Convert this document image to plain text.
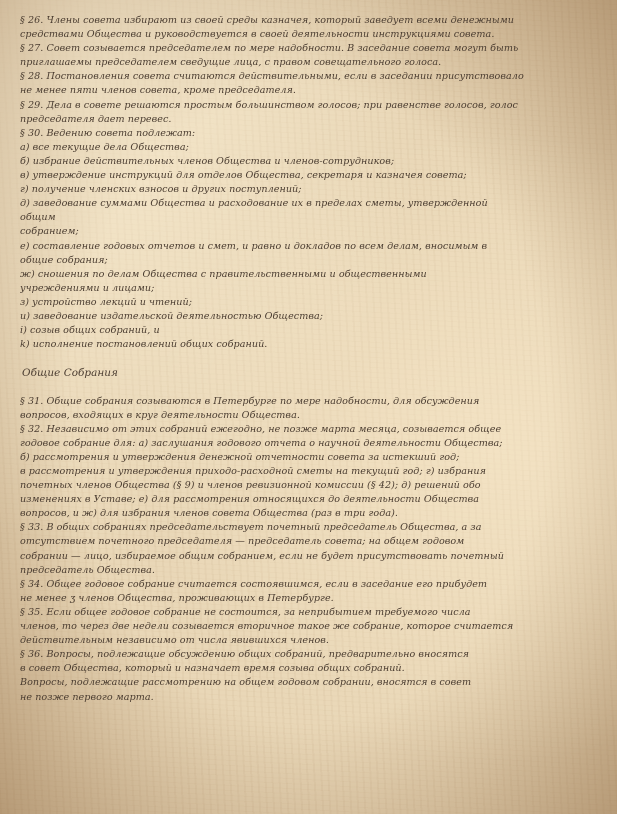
§ 26. Члены совета избирают из своей среды казначея, который заведует всеми денежными
средствами Общества и руководствуется в своей деятельности инструкциями совета.
§ 27. Совет созывается председателем по мере надобности. В заседание совета могут быть
приглашаемы председателем сведущие лица, с правом совещательного голоса.
§ 28. Постановления совета считаются действительными, если в заседании присутствовало
не менее пяти членов совета, кроме председателя.
§ 29. Дела в совете решаются простым большинством голосов; при равенстве голосов, голос
председателя дает перевес.
§ 30. Ведению совета подлежат:
а) все текущие дела Общества;
б) избрание действительных членов Общества и членов-сотрудников;
в) утверждение инструкций для отделов Общества, секретаря и казначея совета;
г) получение членских взносов и других поступлений;
д) заведование суммами Общества и расходование их в пределах сметы, утвержденной
общим
собранием;
е) составление годовых отчетов и смет, и равно и докладов по всем делам, вносимым в
общие собрания;
ж) сношения по делам Общества с правительственными и общественными
учреждениями и лицами;
з) устройство лекций и чтений;
и) заведование издательской деятельностью Общества;
i) созыв общих собраний, и
k) исполнение постановлений общих собраний.
Общие Собрания
§ 31. Общие собрания созываются в Петербурге по мере надобности, для обсуждения
вопросов, входящих в круг деятельности Общества.
§ 32. Независимо от этих собраний ежегодно, не позже марта месяца, созывается общее
годовое собрание для: а) заслушания годового отчета о научной деятельности Общества;
б) рассмотрения и утверждения денежной отчетности совета за истекший год;
в рассмотрения и утверждения приходо-расходной сметы на текущий год; г) избрания
почетных членов Общества (§ 9) и членов ревизионной комиссии (§ 42); д) решений обо
изменениях в Уставе; е) для рассмотрения относящихся до деятельности Общества
вопросов, и ж) для избрания членов совета Общества (раз в три года).
§ 33. В общих собраниях председательствует почетный председатель Общества, а за
отсутствием почетного председателя — председатель совета; на общем годовом
собрании — лицо, избираемое общим собранием, если не будет присутствовать почетный
председатель Общества.
§ 34. Общее годовое собрание считается состоявшимся, если в заседание его прибудет
не менее ʒ членов Общества, проживающих в Петербурге.
§ 35. Если общее годовое собрание не состоится, за неприбытием требуемого числа
членов, то через две недели созывается вторичное такое же собрание, которое считается
действительным независимо от числа явившихся членов.
§ 36. Вопросы, подлежащие обсуждению общих собраний, предварительно вносятся
в совет Общества, который и назначает время созыва общих собраний.
Вопросы, подлежащие рассмотрению на общем годовом собрании, вносятся в совет
не позже первого марта.
